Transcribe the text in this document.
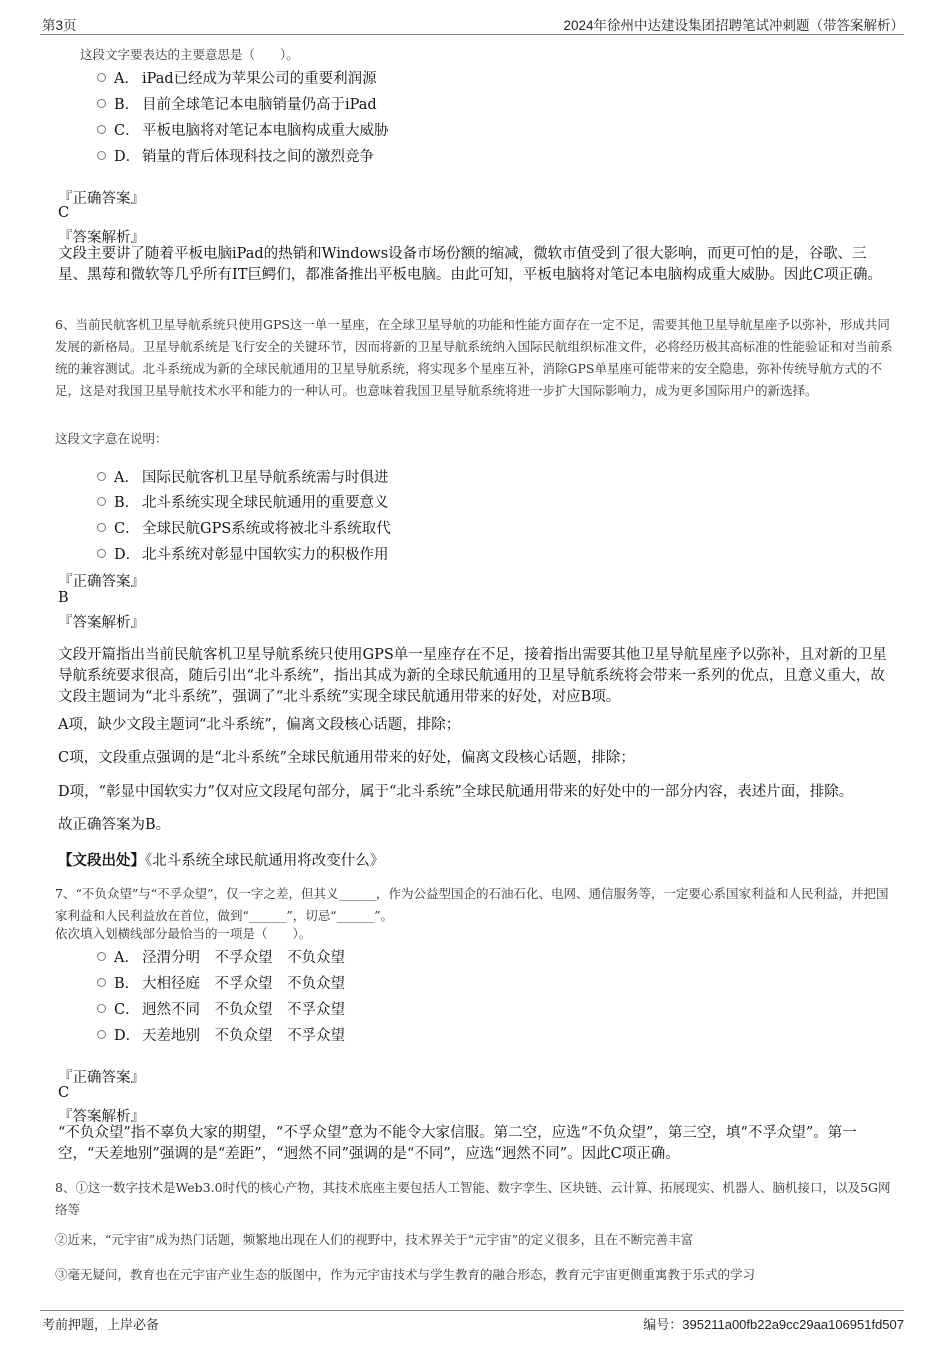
第3页	2024年徐州中达建设集团招聘笔试冲刺题（带答案解析）
这段文字要表达的主要意思是（　　）。
A． iPad已经成为苹果公司的重要利润源
B． 目前全球笔记本电脑销量仍高于iPad
C． 平板电脑将对笔记本电脑构成重大威胁
D． 销量的背后体现科技之间的激烈竞争
『正确答案』
C
『答案解析』
文段主要讲了随着平板电脑iPad的热销和Windows设备市场份额的缩减，微软市值受到了很大影响，而更可怕的是，谷歌、三星、黑莓和微软等几乎所有IT巨鳄们，都准备推出平板电脑。由此可知，平板电脑将对笔记本电脑构成重大威胁。因此C项正确。
6、当前民航客机卫星导航系统只使用GPS这一单一星座，在全球卫星导航的功能和性能方面存在一定不足，需要其他卫星导航星座予以弥补，形成共同发展的新格局。卫星导航系统是飞行安全的关键环节，因而将新的卫星导航系统纳入国际民航组织标准文件，必将经历极其高标准的性能验证和对当前系统的兼容测试。北斗系统成为新的全球民航通用的卫星导航系统，将实现多个星座互补，消除GPS单星座可能带来的安全隐患，弥补传统导航方式的不足，这是对我国卫星导航技术水平和能力的一种认可。也意味着我国卫星导航系统将进一步扩大国际影响力，成为更多国际用户的新选择。
这段文字意在说明：
A． 国际民航客机卫星导航系统需与时俱进
B． 北斗系统实现全球民航通用的重要意义
C． 全球民航GPS系统或将被北斗系统取代
D． 北斗系统对彰显中国软实力的积极作用
『正确答案』
B
『答案解析』
文段开篇指出当前民航客机卫星导航系统只使用GPS单一星座存在不足，接着指出需要其他卫星导航星座予以弥补，且对新的卫星导航系统要求很高，随后引出“北斗系统”，指出其成为新的全球民航通用的卫星导航系统将会带来一系列的优点，且意义重大，故文段主题词为“北斗系统”，强调了“北斗系统”实现全球民航通用带来的好处，对应B项。
A项，缺少文段主题词“北斗系统”，偏离文段核心话题，排除；
C项，文段重点强调的是“北斗系统”全球民航通用带来的好处，偏离文段核心话题，排除；
D项，“彰显中国软实力”仅对应文段尾句部分，属于“北斗系统”全球民航通用带来的好处中的一部分内容，表述片面，排除。
故正确答案为B。
【文段出处】《北斗系统全球民航通用将改变什么》
7、“不负众望”与“不孚众望”，仅一字之差，但其义______，作为公益型国企的石油石化、电网、通信服务等，一定要心系国家利益和人民利益，并把国家利益和人民利益放在首位，做到“______”，切忌“______”。
依次填入划横线部分最恰当的一项是（　　）。
A． 泾渭分明　不孚众望　不负众望
B． 大相径庭　不孚众望　不负众望
C． 迥然不同　不负众望　不孚众望
D． 天差地别　不负众望　不孚众望
『正确答案』
C
『答案解析』
“不负众望”指不辜负大家的期望，“不孚众望”意为不能令大家信服。第二空，应选“不负众望”，第三空，填“不孚众望”。第一空，“天差地别”强调的是“差距”，“迥然不同”强调的是“不同”，应选“迥然不同”。因此C项正确。
8、①这一数字技术是Web3.0时代的核心产物，其技术底座主要包括人工智能、数字孪生、区块链、云计算、拓展现实、机器人、脑机接口，以及5G网络等
②近来，“元宇宙”成为热门话题，频繁地出现在人们的视野中，技术界关于“元宇宙”的定义很多，且在不断完善丰富
③毫无疑问，教育也在元宇宙产业生态的版图中，作为元宇宙技术与学生教育的融合形态，教育元宇宙更侧重寓教于乐式的学习
考前押题，上岸必备	编号：395211a00fb22a9cc29aa106951fd507
